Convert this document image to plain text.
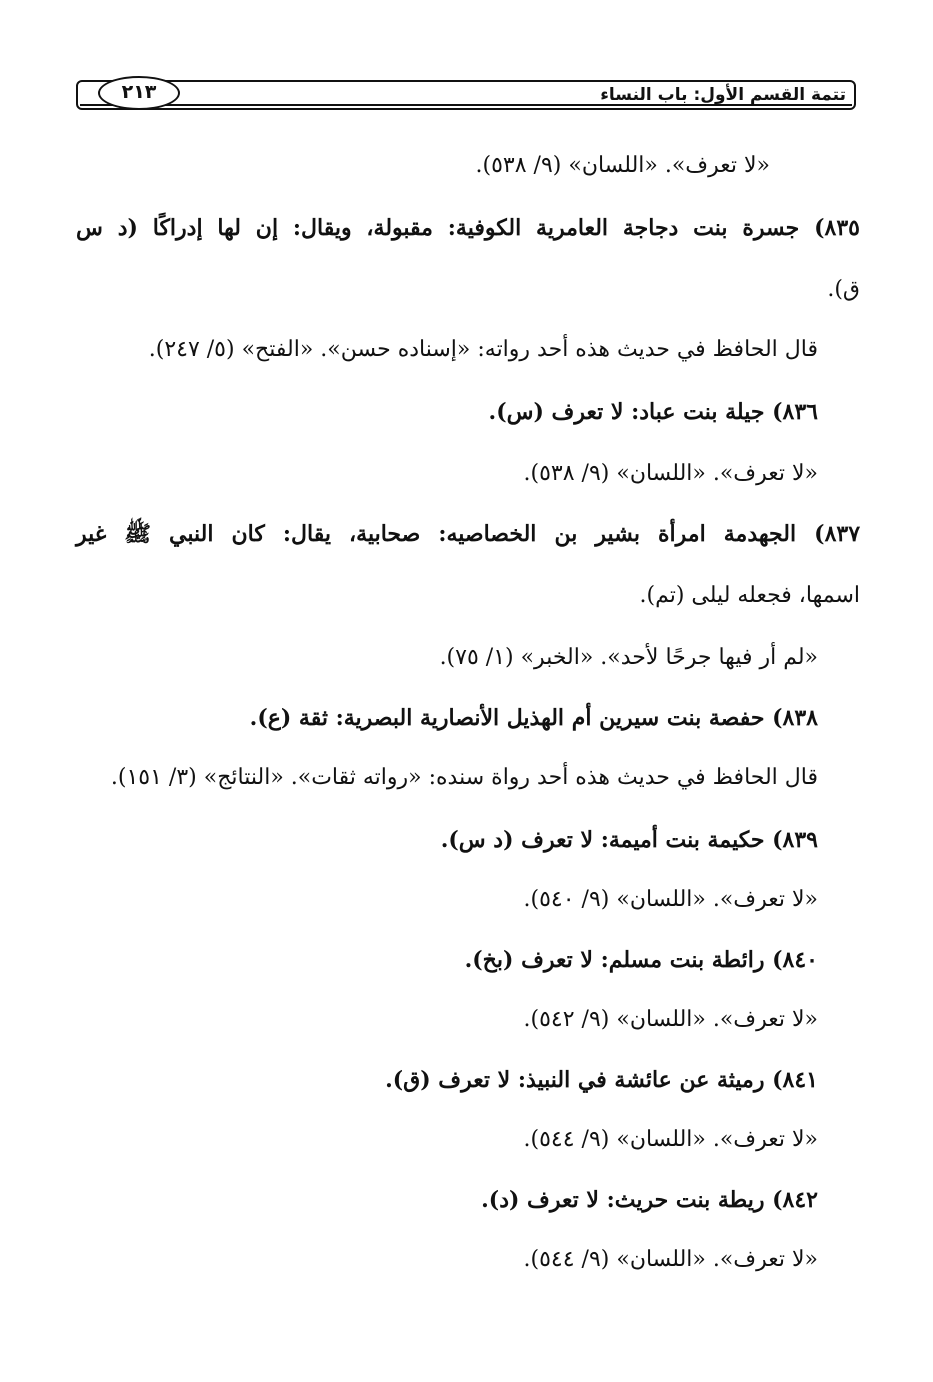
تتمة القسم الأول: باب النساء
٢١٣
«لا تعرف». «اللسان» (٩/ ٥٣٨).
٨٣٥) جسرة بنت دجاجة العامرية الكوفية: مقبولة، ويقال: إن لها إدراكًا (د س
ق).
قال الحافظ في حديث هذه أحد رواته: «إسناده حسن». «الفتح» (٥/ ٢٤٧).
٨٣٦) جيلة بنت عباد: لا تعرف (س).
«لا تعرف». «اللسان» (٩/ ٥٣٨).
٨٣٧) الجهدمة امرأة بشير بن الخصاصيه: صحابية، يقال: كان النبي ﷺ غير
اسمها، فجعله ليلى (تم).
«لم أر فيها جرحًا لأحد». «الخبر» (١/ ٧٥).
٨٣٨) حفصة بنت سيرين أم الهذيل الأنصارية البصرية: ثقة (ع).
قال الحافظ في حديث هذه أحد رواة سنده: «رواته ثقات». «النتائج» (٣/ ١٥١).
٨٣٩) حكيمة بنت أميمة: لا تعرف (د س).
«لا تعرف». «اللسان» (٩/ ٥٤٠).
٨٤٠) رائطة بنت مسلم: لا تعرف (بخ).
«لا تعرف». «اللسان» (٩/ ٥٤٢).
٨٤١) رميثة عن عائشة في النبيذ: لا تعرف (ق).
«لا تعرف». «اللسان» (٩/ ٥٤٤).
٨٤٢) ريطة بنت حريث: لا تعرف (د).
«لا تعرف». «اللسان» (٩/ ٥٤٤).
